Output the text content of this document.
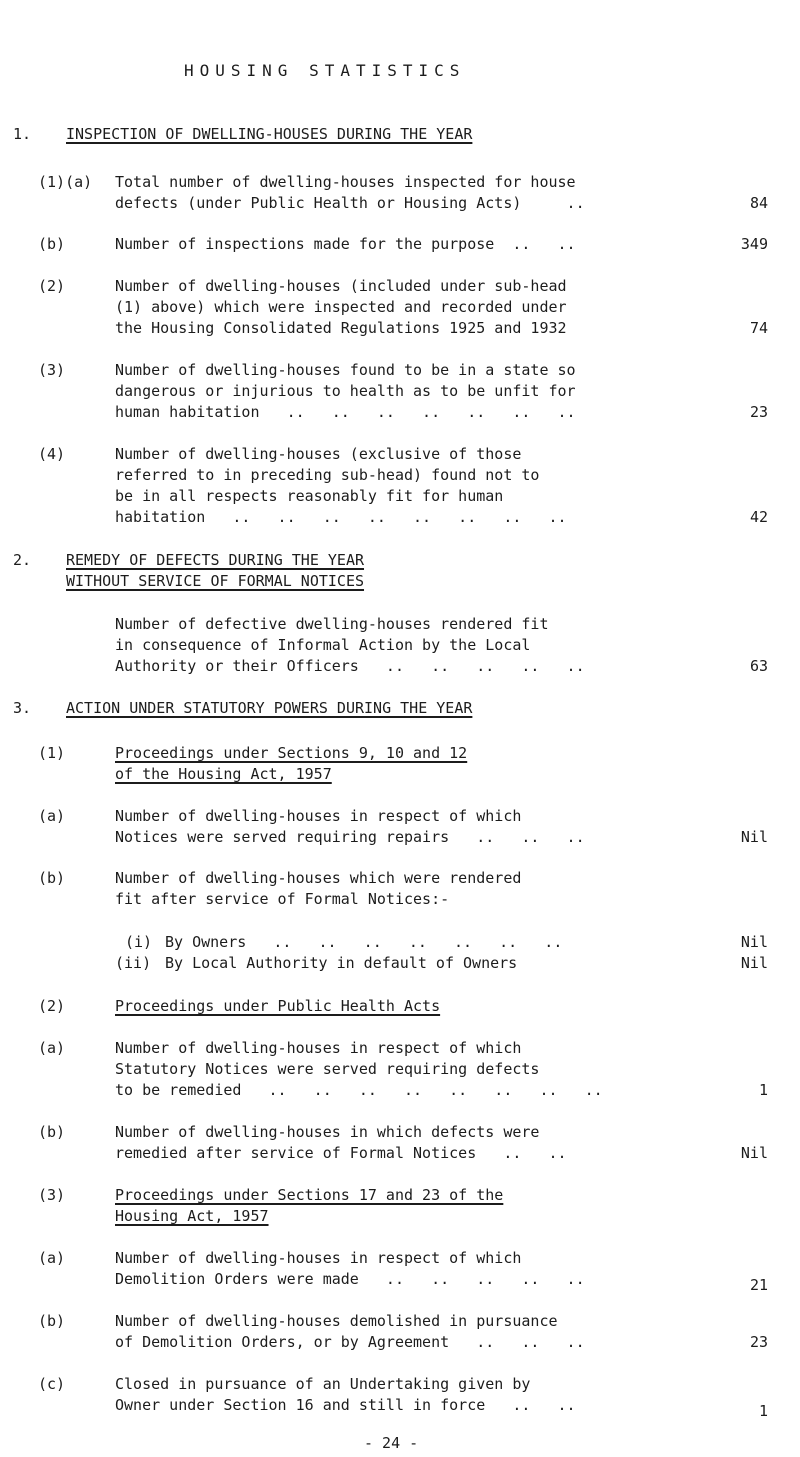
HOUSING STATISTICS
1. INSPECTION OF DWELLING-HOUSES DURING THE YEAR
(1)(a) Total number of dwelling-houses inspected for house
defects (under Public Health or Housing Acts)     ..	84
(b)	Number of inspections made for the purpose  ..   ..	349
(2)	Number of dwelling-houses (included under sub-head
(1) above) which were inspected and recorded under
the Housing Consolidated Regulations 1925 and 1932	74
(3)	Number of dwelling-houses found to be in a state so
dangerous or injurious to health as to be unfit for
human habitation   ..   ..   ..   ..   ..   ..   ..	23
(4)	Number of dwelling-houses (exclusive of those
referred to in preceding sub-head) found not to
be in all respects reasonably fit for human
habitation   ..   ..   ..   ..   ..   ..   ..   ..	42
2. REMEDY OF DEFECTS DURING THE YEAR
WITHOUT SERVICE OF FORMAL NOTICES
Number of defective dwelling-houses rendered fit
in consequence of Informal Action by the Local
Authority or their Officers   ..   ..   ..   ..   ..	63
3. ACTION UNDER STATUTORY POWERS DURING THE YEAR
(1)	Proceedings under Sections 9, 10 and 12
of the Housing Act, 1957
(a)	Number of dwelling-houses in respect of which
Notices were served requiring repairs   ..   ..   ..	Nil
(b)	Number of dwelling-houses which were rendered
fit after service of Formal Notices:-
(i) By Owners   ..   ..   ..   ..   ..   ..   ..	Nil
(ii) By Local Authority in default of Owners	Nil
(2)	Proceedings under Public Health Acts
(a)	Number of dwelling-houses in respect of which
Statutory Notices were served requiring defects
to be remedied   ..   ..   ..   ..   ..   ..   ..   ..	1
(b)	Number of dwelling-houses in which defects were
remedied after service of Formal Notices   ..   ..	Nil
(3)	Proceedings under Sections 17 and 23 of the
Housing Act, 1957
(a)	Number of dwelling-houses in respect of which
Demolition Orders were made   ..   ..   ..   ..   ..	21
(b)	Number of dwelling-houses demolished in pursuance
of Demolition Orders, or by Agreement   ..   ..   ..	23
(c)	Closed in pursuance of an Undertaking given by
Owner under Section 16 and still in force   ..   ..	1
- 24 -
